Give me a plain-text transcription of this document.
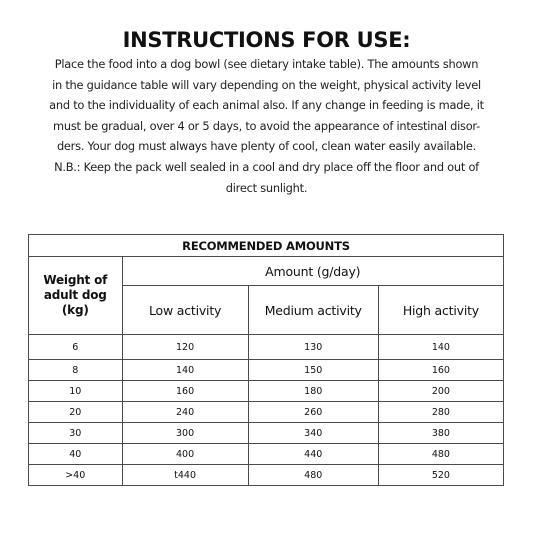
INSTRUCTIONS FOR USE:
Place the food into a dog bowl (see dietary intake table). The amounts shown
in the guidance table will vary depending on the weight, physical activity level
and to the individuality of each animal also. If any change in feeding is made, it
must be gradual, over 4 or 5 days, to avoid the appearance of intestinal disor-
ders. Your dog must always have plenty of cool, clean water easily available.
N.B.: Keep the pack well sealed in a cool and dry place off the floor and out of
direct sunlight.
RECOMMENDED AMOUNTS			
Weight of adult dog (kg)	Amount (g/day)		
	Low activity	Medium activity	High activity
6	120	130	140
8	140	150	160
10	160	180	200
20	240	260	280
30	300	340	380
40	400	440	480
>40	t440	480	520
